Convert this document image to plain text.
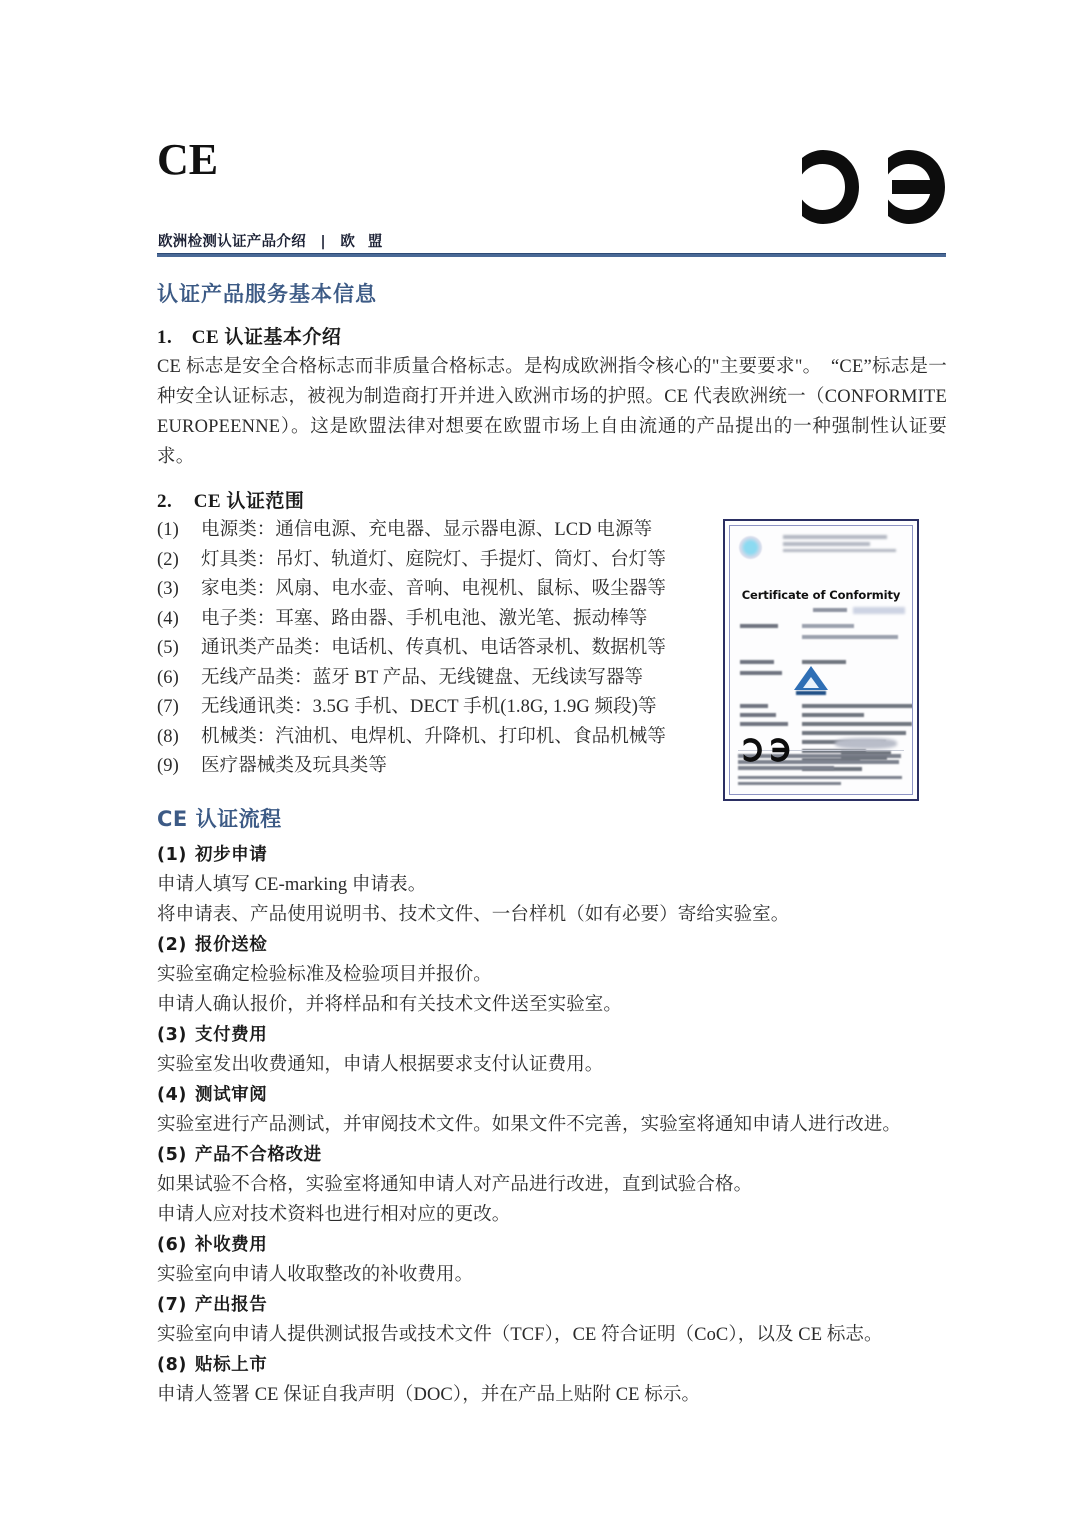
CE
欧洲检测认证产品介绍 | 欧 盟
认证产品服务基本信息
1. CE 认证基本介绍
CE 标志是安全合格标志而非质量合格标志。是构成欧洲指令核心的"主要要求"。　“CE”标志是一种安全认证标志，被视为制造商打开并进入欧洲市场的护照。CE 代表欧洲统一（CONFORMITE EUROPEENNE）。这是欧盟法律对想要在欧盟市场上自由流通的产品提出的一种强制性认证要求。
2. CE 认证范围
(1) 电源类：通信电源、充电器、显示器电源、LCD 电源等
(2) 灯具类：吊灯、轨道灯、庭院灯、手提灯、筒灯、台灯等
(3) 家电类：风扇、电水壶、音响、电视机、鼠标、吸尘器等
(4) 电子类：耳塞、路由器、手机电池、激光笔、振动棒等
(5) 通讯类产品类：电话机、传真机、电话答录机、数据机等
(6) 无线产品类：蓝牙 BT 产品、无线键盘、无线读写器等
(7) 无线通讯类：3.5G 手机、DECT 手机(1.8G, 1.9G 频段)等
(8) 机械类：汽油机、电焊机、升降机、打印机、食品机械等
(9) 医疗器械类及玩具类等
Certificate of Conformity
CE 认证流程
(1) 初步申请
申请人填写 CE-marking 申请表。
将申请表、产品使用说明书、技术文件、一台样机（如有必要）寄给实验室。
(2) 报价送检
实验室确定检验标准及检验项目并报价。
申请人确认报价，并将样品和有关技术文件送至实验室。
(3) 支付费用
实验室发出收费通知，申请人根据要求支付认证费用。
(4) 测试审阅
实验室进行产品测试，并审阅技术文件。如果文件不完善，实验室将通知申请人进行改进。
(5) 产品不合格改进
如果试验不合格，实验室将通知申请人对产品进行改进，直到试验合格。
申请人应对技术资料也进行相对应的更改。
(6) 补收费用
实验室向申请人收取整改的补收费用。
(7) 产出报告
实验室向申请人提供测试报告或技术文件（TCF），CE 符合证明（CoC），以及 CE 标志。
(8) 贴标上市
申请人签署 CE 保证自我声明（DOC），并在产品上贴附 CE 标示。
